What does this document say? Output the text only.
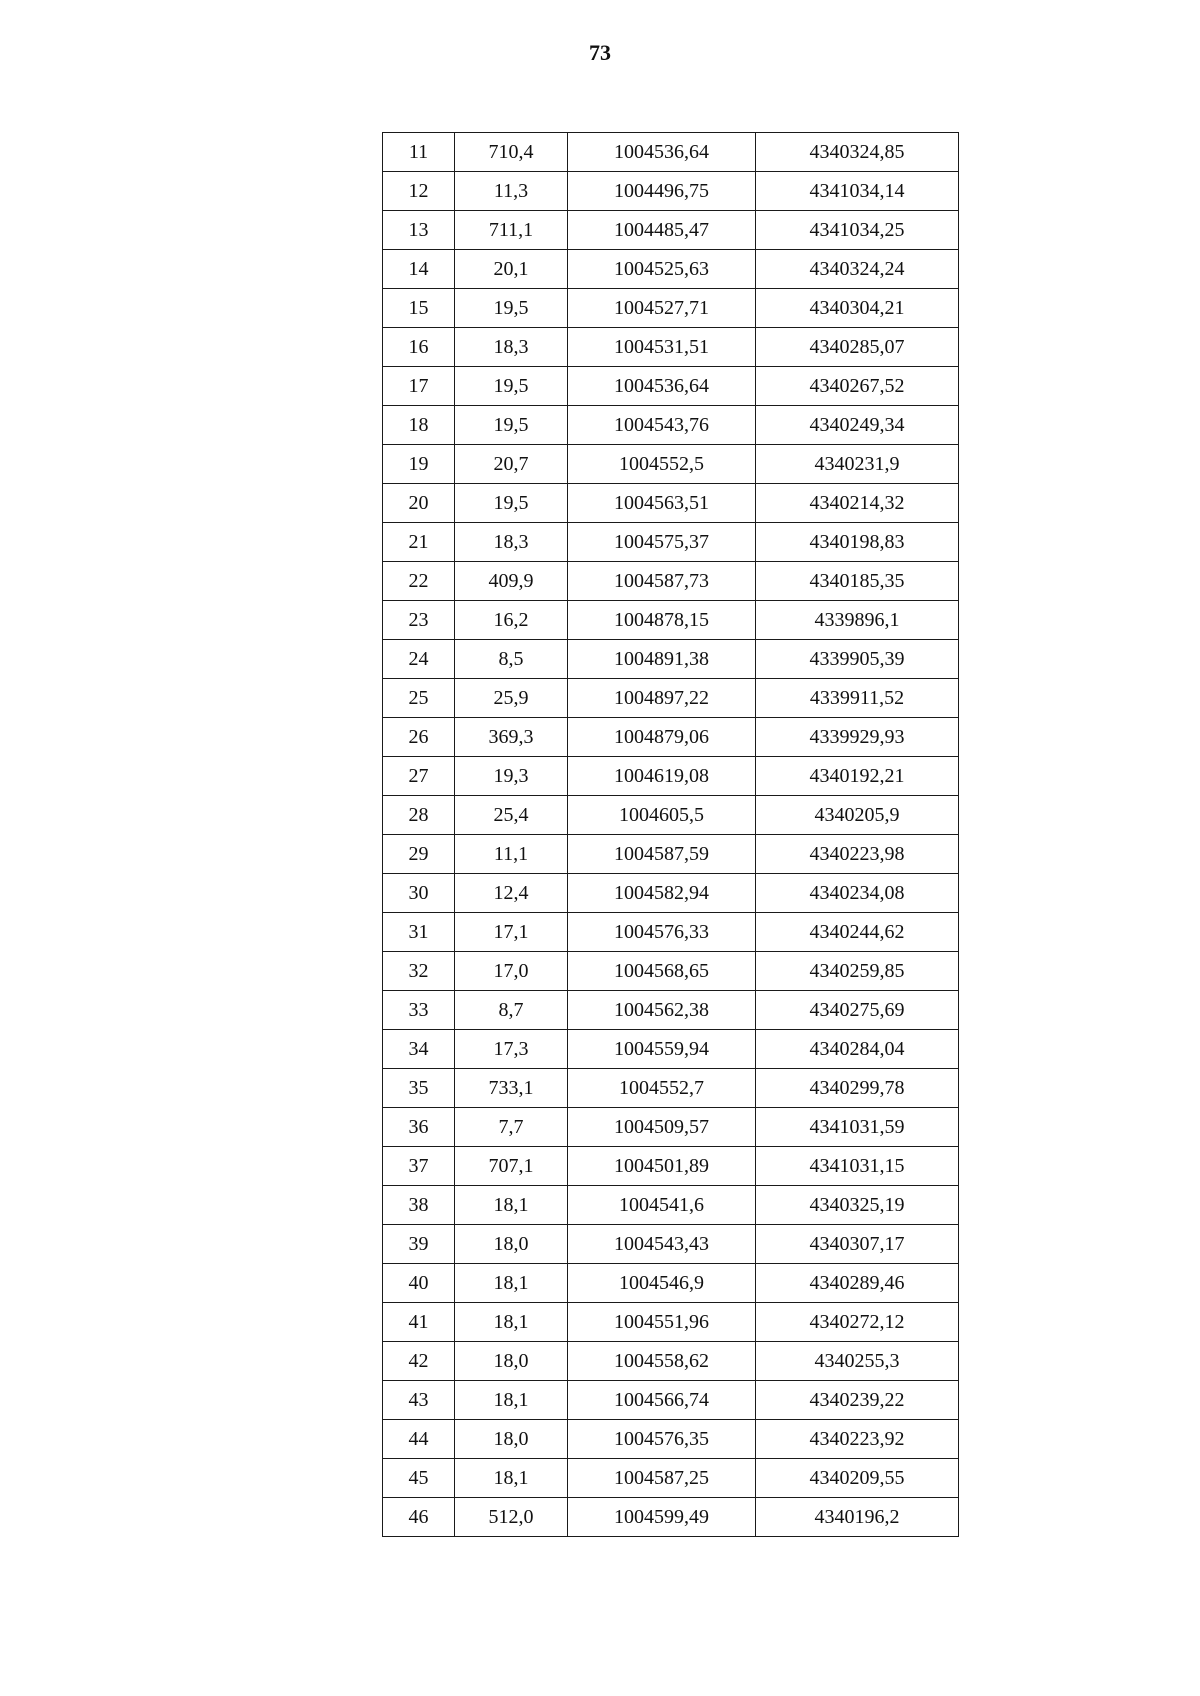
73
11	710,4	1004536,64	4340324,85
12	11,3	1004496,75	4341034,14
13	711,1	1004485,47	4341034,25
14	20,1	1004525,63	4340324,24
15	19,5	1004527,71	4340304,21
16	18,3	1004531,51	4340285,07
17	19,5	1004536,64	4340267,52
18	19,5	1004543,76	4340249,34
19	20,7	1004552,5	4340231,9
20	19,5	1004563,51	4340214,32
21	18,3	1004575,37	4340198,83
22	409,9	1004587,73	4340185,35
23	16,2	1004878,15	4339896,1
24	8,5	1004891,38	4339905,39
25	25,9	1004897,22	4339911,52
26	369,3	1004879,06	4339929,93
27	19,3	1004619,08	4340192,21
28	25,4	1004605,5	4340205,9
29	11,1	1004587,59	4340223,98
30	12,4	1004582,94	4340234,08
31	17,1	1004576,33	4340244,62
32	17,0	1004568,65	4340259,85
33	8,7	1004562,38	4340275,69
34	17,3	1004559,94	4340284,04
35	733,1	1004552,7	4340299,78
36	7,7	1004509,57	4341031,59
37	707,1	1004501,89	4341031,15
38	18,1	1004541,6	4340325,19
39	18,0	1004543,43	4340307,17
40	18,1	1004546,9	4340289,46
41	18,1	1004551,96	4340272,12
42	18,0	1004558,62	4340255,3
43	18,1	1004566,74	4340239,22
44	18,0	1004576,35	4340223,92
45	18,1	1004587,25	4340209,55
46	512,0	1004599,49	4340196,2
